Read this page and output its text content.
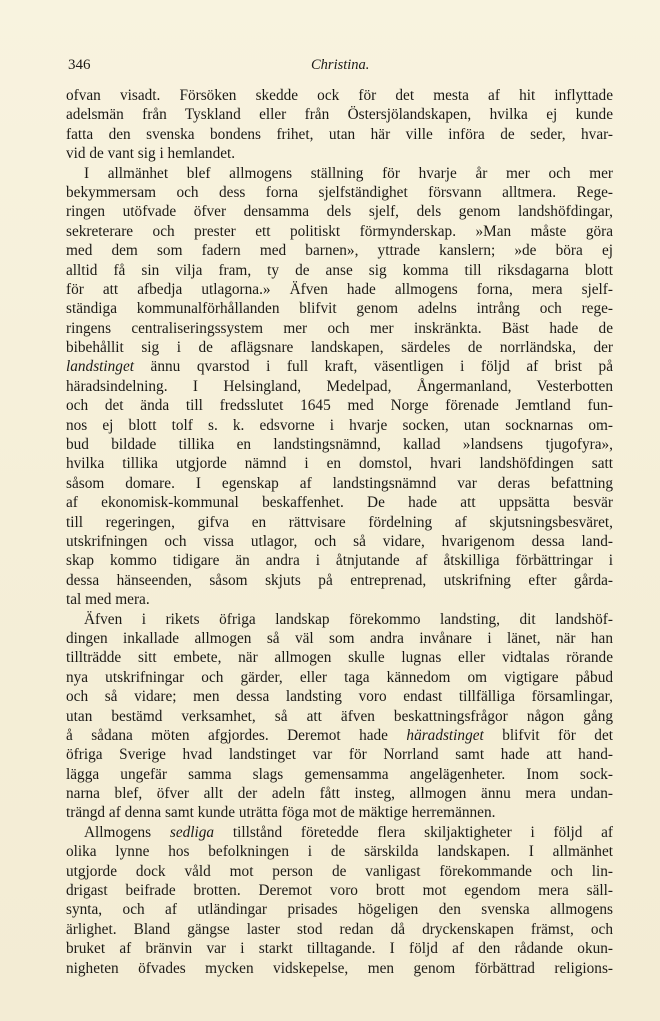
346	Christina.
ofvan visadt. Försöken skedde ock för det mesta af hit inflyttade
adelsmän från Tyskland eller från Östersjölandskapen, hvilka ej kunde
fatta den svenska bondens frihet, utan här ville införa de seder, hvar-
vid de vant sig i hemlandet.
I allmänhet blef allmogens ställning för hvarje år mer och mer
bekymmersam och dess forna sjelfständighet försvann alltmera. Rege-
ringen utöfvade öfver densamma dels sjelf, dels genom landshöfdingar,
sekreterare och prester ett politiskt förmynderskap. »Man måste göra
med dem som fadern med barnen», yttrade kanslern; »de böra ej
alltid få sin vilja fram, ty de anse sig komma till riksdagarna blott
för att afbedja utlagorna.» Äfven hade allmogens forna, mera sjelf-
ständiga kommunalförhållanden blifvit genom adelns intrång och rege-
ringens centraliseringssystem mer och mer inskränkta. Bäst hade de
bibehållit sig i de aflägsnare landskapen, särdeles de norrländska, der
landstinget ännu qvarstod i full kraft, väsentligen i följd af brist på
häradsindelning. I Helsingland, Medelpad, Ångermanland, Vesterbotten
och det ända till fredsslutet 1645 med Norge förenade Jemtland fun-
nos ej blott tolf s. k. edsvorne i hvarje socken, utan socknarnas om-
bud bildade tillika en landstingsnämnd, kallad »landsens tjugofyra»,
hvilka tillika utgjorde nämnd i en domstol, hvari landshöfdingen satt
såsom domare. I egenskap af landstingsnämnd var deras befattning
af ekonomisk-kommunal beskaffenhet. De hade att uppsätta besvär
till regeringen, gifva en rättvisare fördelning af skjutsningsbesväret,
utskrifningen och vissa utlagor, och så vidare, hvarigenom dessa land-
skap kommo tidigare än andra i åtnjutande af åtskilliga förbättringar i
dessa hänseenden, såsom skjuts på entreprenad, utskrifning efter gårda-
tal med mera.
Äfven i rikets öfriga landskap förekommo landsting, dit landshöf-
dingen inkallade allmogen så väl som andra invånare i länet, när han
tillträdde sitt embete, när allmogen skulle lugnas eller vidtalas rörande
nya utskrifningar och gärder, eller taga kännedom om vigtigare påbud
och så vidare; men dessa landsting voro endast tillfälliga församlingar,
utan bestämd verksamhet, så att äfven beskattningsfrågor någon gång
å sådana möten afgjordes. Deremot hade häradstinget blifvit för det
öfriga Sverige hvad landstinget var för Norrland samt hade att hand-
lägga ungefär samma slags gemensamma angelägenheter. Inom sock-
narna blef, öfver allt der adeln fått insteg, allmogen ännu mera undan-
trängd af denna samt kunde uträtta föga mot de mäktige herremännen.
Allmogens sedliga tillstånd företedde flera skiljaktigheter i följd af
olika lynne hos befolkningen i de särskilda landskapen. I allmänhet
utgjorde dock våld mot person de vanligast förekommande och lin-
drigast beifrade brotten. Deremot voro brott mot egendom mera säll-
synta, och af utländingar prisades högeligen den svenska allmogens
ärlighet. Bland gängse laster stod redan då dryckenskapen främst, och
bruket af bränvin var i starkt tilltagande. I följd af den rådande okun-
nigheten öfvades mycken vidskepelse, men genom förbättrad religions-
